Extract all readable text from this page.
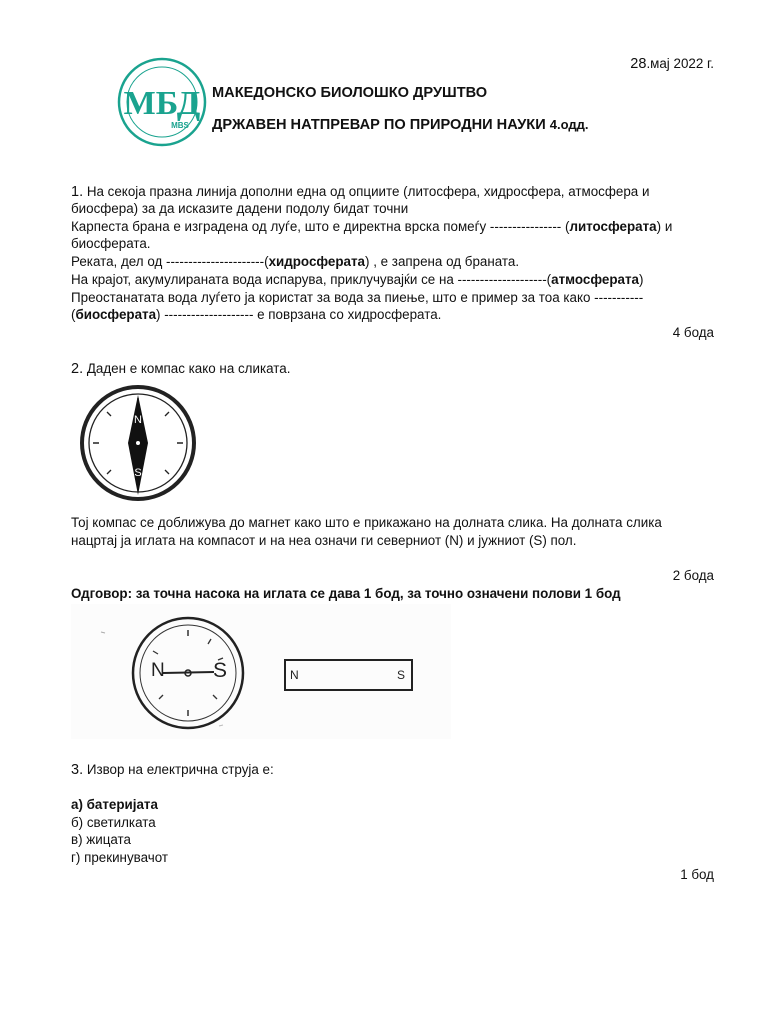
МБД
MBS
28.мај 2022 г.
МАКЕДОНСКО БИОЛОШКО ДРУШТВО
ДРЖАВЕН НАТПРЕВАР ПО ПРИРОДНИ НАУКИ 4.одд.
1. На секоја празна линија дополни една од опциите (литосфера, хидросфера, атмосфера и
биосфера) за да исказите дадени подолу бидат точни
Карпеста брана е изградена од луѓе, што е директна врска помеѓу ---------------- (литосферата) и
биосферата.
Реката, дел од ----------------------(хидросферата) , е запрена од браната.
На крајот, акумулираната вода испарува, приклучувајќи се на --------------------(атмосферата)
Преостанатата вода луѓето ја користат за вода за пиење, што е пример за тоа како -----------
(биосферата) -------------------- е поврзана со хидросферата.
4 бода
2. Даден е компас како на сликата.
N
S
Тој компас се доближува до магнет како што е прикажано на долната слика. На долната слика
нацртај ја иглата на компасот и на неа означи ги северниот (N) и јужниот (S) пол.
2 бода
Одговор: за точна насока на иглата се дава 1 бод, за точно означени полови 1 бод
N S	N	S
3. Извор на електрична струја е:
а) батеријата
б) светилката
в) жицата
г) прекинувачот
1 бод
